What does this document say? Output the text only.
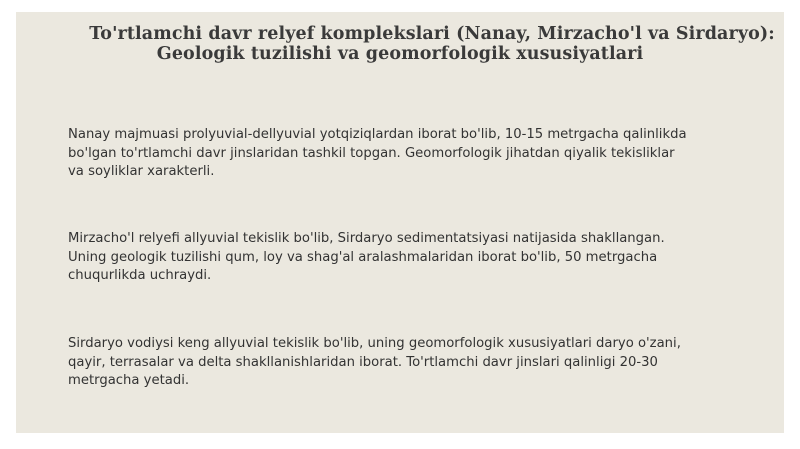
To'rtlamchi davr relyef komplekslari (Nanay, Mirzacho'l va Sirdaryo):
Geologik tuzilishi va geomorfologik xususiyatlari

Nanay majmuasi prolyuvial-dellyuvial yotqiziqlardan iborat bo'lib, 10-15 metrgacha qalinlikda
bo'lgan to'rtlamchi davr jinslaridan tashkil topgan. Geomorfologik jihatdan qiyalik tekisliklar
va soyliklar xarakterli.

Mirzacho'l relyefi allyuvial tekislik bo'lib, Sirdaryo sedimentatsiyasi natijasida shakllangan.
Uning geologik tuzilishi qum, loy va shag'al aralashmalaridan iborat bo'lib, 50 metrgacha
chuqurlikda uchraydi.

Sirdaryo vodiysi keng allyuvial tekislik bo'lib, uning geomorfologik xususiyatlari daryo o'zani,
qayir, terrasalar va delta shakllanishlaridan iborat. To'rtlamchi davr jinslari qalinligi 20-30
metrgacha yetadi.
